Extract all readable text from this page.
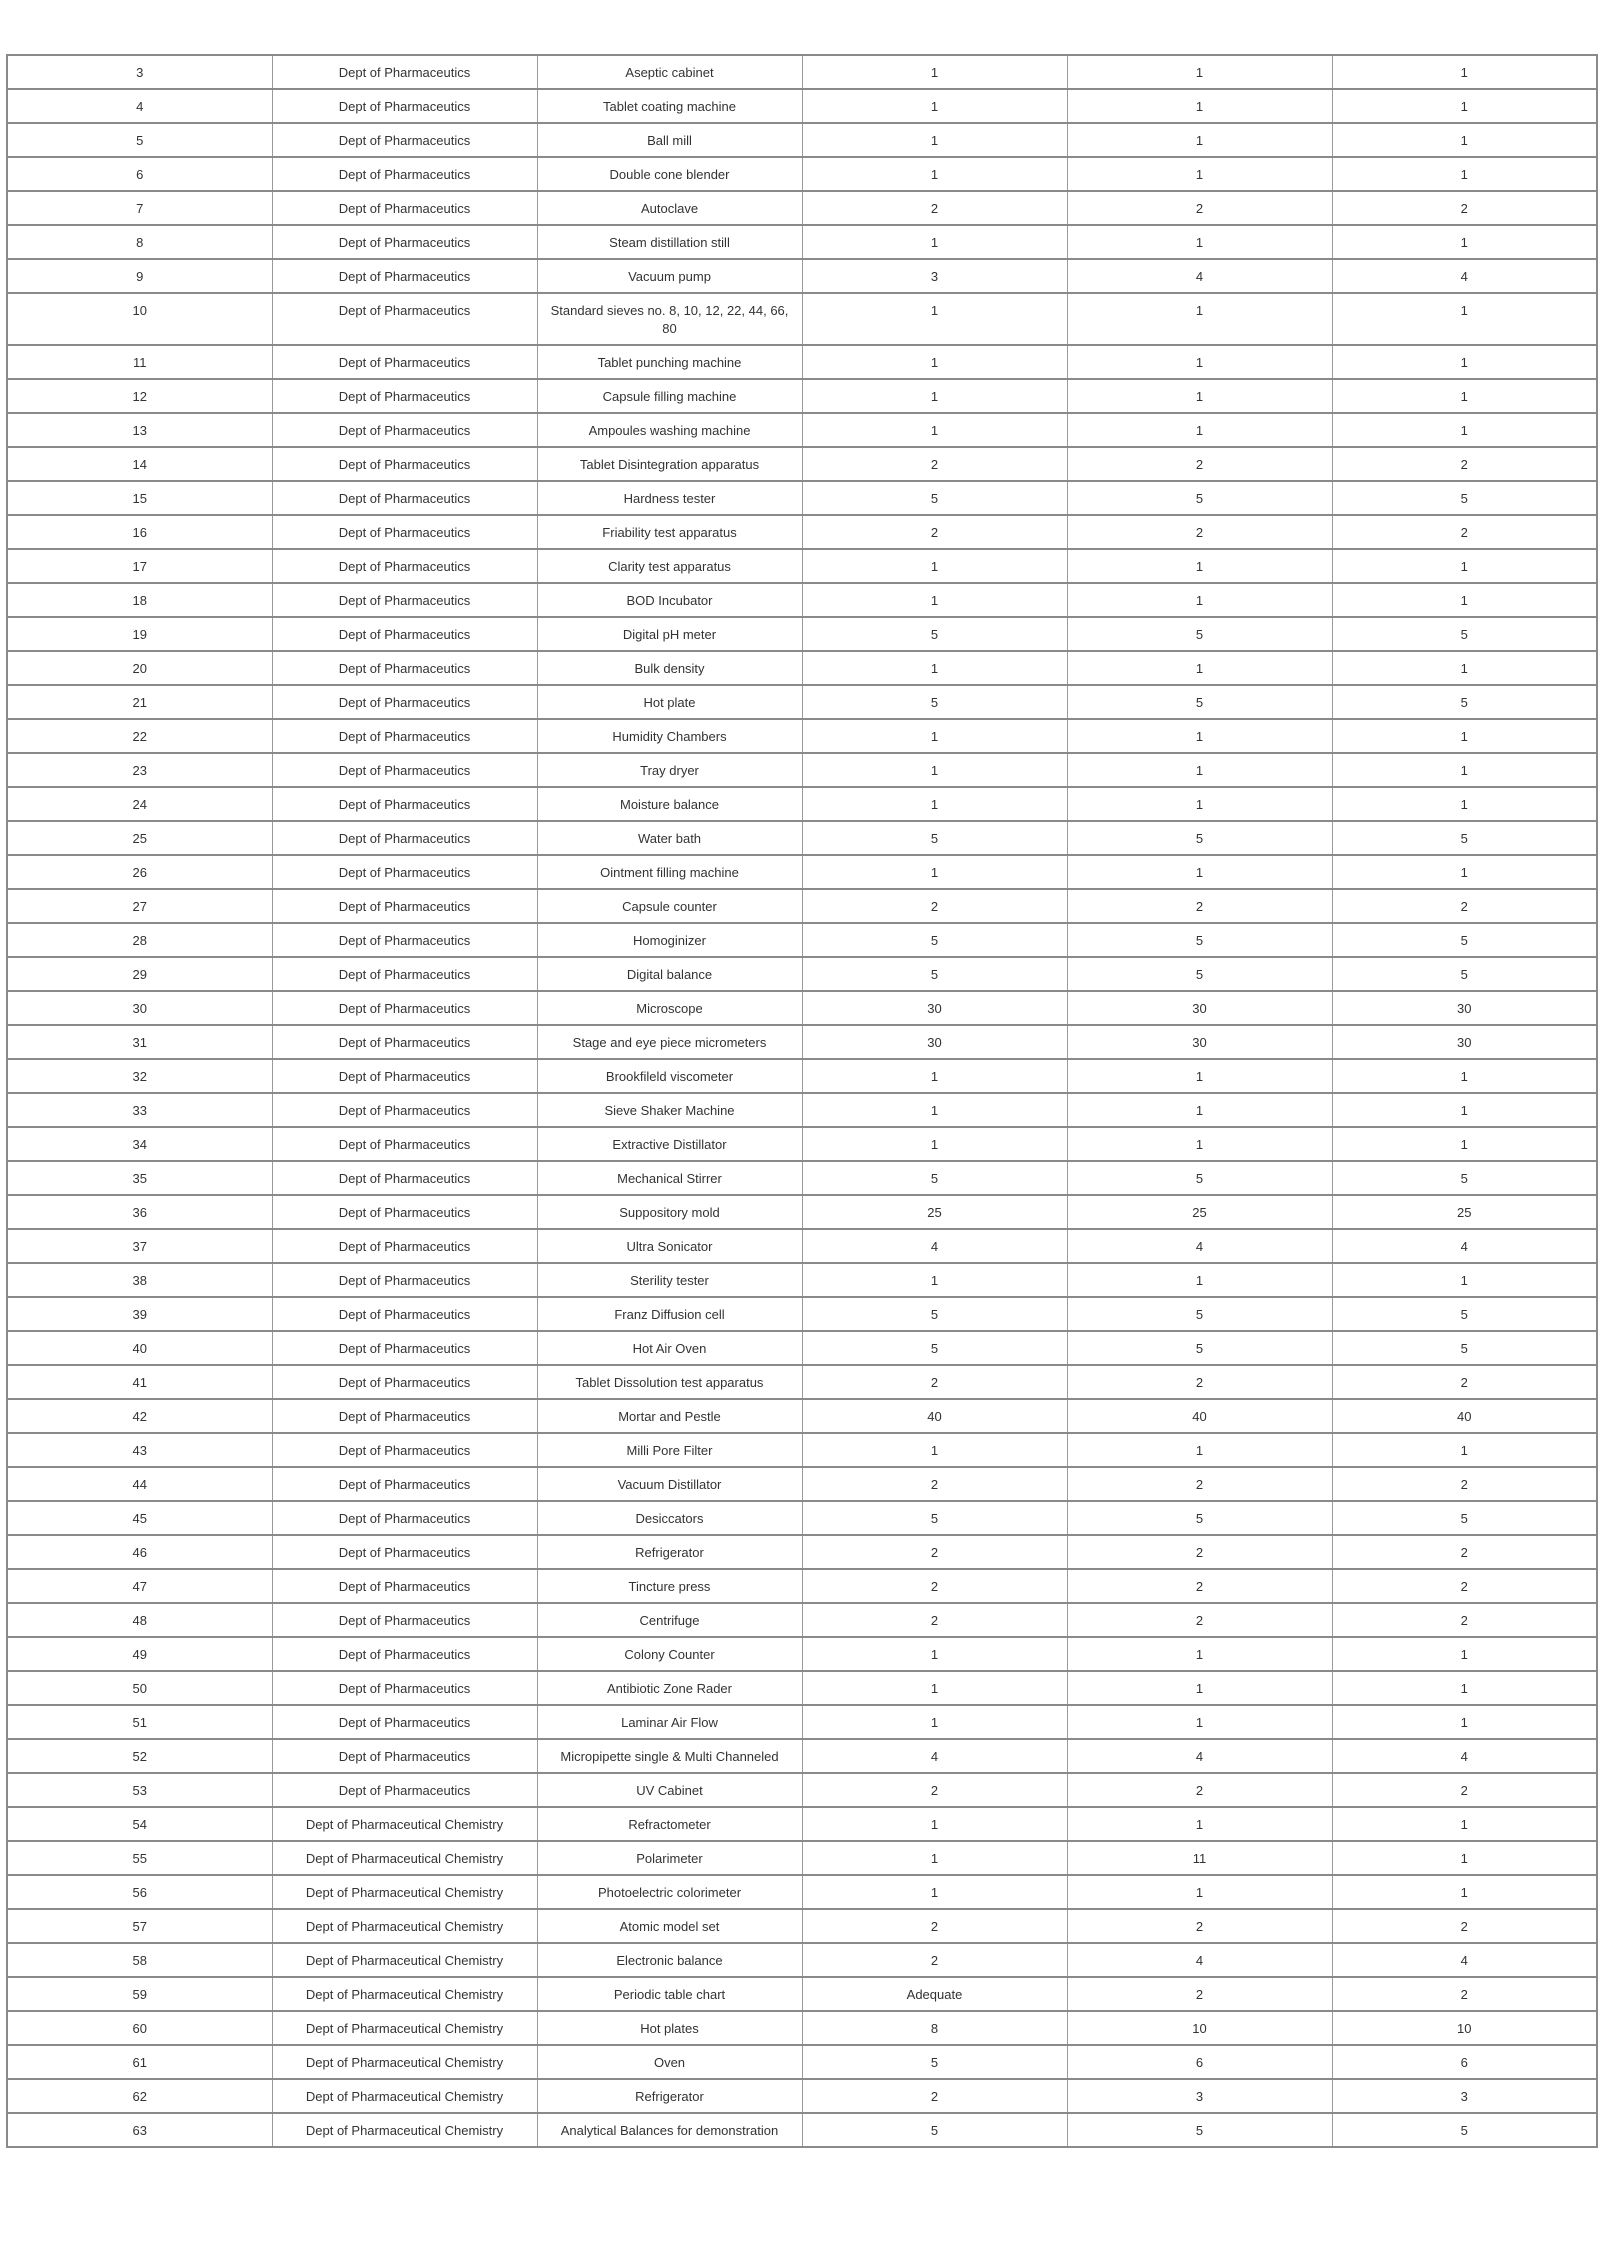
3	Dept of Pharmaceutics	Aseptic cabinet	1	1	1
4	Dept of Pharmaceutics	Tablet coating machine	1	1	1
5	Dept of Pharmaceutics	Ball mill	1	1	1
6	Dept of Pharmaceutics	Double cone blender	1	1	1
7	Dept of Pharmaceutics	Autoclave	2	2	2
8	Dept of Pharmaceutics	Steam distillation still	1	1	1
9	Dept of Pharmaceutics	Vacuum pump	3	4	4
10	Dept of Pharmaceutics	Standard sieves no. 8, 10, 12, 22, 44, 66, 80	1	1	1
11	Dept of Pharmaceutics	Tablet punching machine	1	1	1
12	Dept of Pharmaceutics	Capsule filling machine	1	1	1
13	Dept of Pharmaceutics	Ampoules washing machine	1	1	1
14	Dept of Pharmaceutics	Tablet Disintegration apparatus	2	2	2
15	Dept of Pharmaceutics	Hardness tester	5	5	5
16	Dept of Pharmaceutics	Friability test apparatus	2	2	2
17	Dept of Pharmaceutics	Clarity test apparatus	1	1	1
18	Dept of Pharmaceutics	BOD Incubator	1	1	1
19	Dept of Pharmaceutics	Digital pH meter	5	5	5
20	Dept of Pharmaceutics	Bulk density	1	1	1
21	Dept of Pharmaceutics	Hot plate	5	5	5
22	Dept of Pharmaceutics	Humidity Chambers	1	1	1
23	Dept of Pharmaceutics	Tray dryer	1	1	1
24	Dept of Pharmaceutics	Moisture balance	1	1	1
25	Dept of Pharmaceutics	Water bath	5	5	5
26	Dept of Pharmaceutics	Ointment filling machine	1	1	1
27	Dept of Pharmaceutics	Capsule counter	2	2	2
28	Dept of Pharmaceutics	Homoginizer	5	5	5
29	Dept of Pharmaceutics	Digital balance	5	5	5
30	Dept of Pharmaceutics	Microscope	30	30	30
31	Dept of Pharmaceutics	Stage and eye piece micrometers	30	30	30
32	Dept of Pharmaceutics	Brookfileld viscometer	1	1	1
33	Dept of Pharmaceutics	Sieve Shaker Machine	1	1	1
34	Dept of Pharmaceutics	Extractive Distillator	1	1	1
35	Dept of Pharmaceutics	Mechanical Stirrer	5	5	5
36	Dept of Pharmaceutics	Suppository mold	25	25	25
37	Dept of Pharmaceutics	Ultra Sonicator	4	4	4
38	Dept of Pharmaceutics	Sterility tester	1	1	1
39	Dept of Pharmaceutics	Franz Diffusion cell	5	5	5
40	Dept of Pharmaceutics	Hot Air Oven	5	5	5
41	Dept of Pharmaceutics	Tablet Dissolution test apparatus	2	2	2
42	Dept of Pharmaceutics	Mortar and Pestle	40	40	40
43	Dept of Pharmaceutics	Milli Pore Filter	1	1	1
44	Dept of Pharmaceutics	Vacuum Distillator	2	2	2
45	Dept of Pharmaceutics	Desiccators	5	5	5
46	Dept of Pharmaceutics	Refrigerator	2	2	2
47	Dept of Pharmaceutics	Tincture press	2	2	2
48	Dept of Pharmaceutics	Centrifuge	2	2	2
49	Dept of Pharmaceutics	Colony Counter	1	1	1
50	Dept of Pharmaceutics	Antibiotic Zone Rader	1	1	1
51	Dept of Pharmaceutics	Laminar Air Flow	1	1	1
52	Dept of Pharmaceutics	Micropipette single & Multi Channeled	4	4	4
53	Dept of Pharmaceutics	UV Cabinet	2	2	2
54	Dept of Pharmaceutical Chemistry	Refractometer	1	1	1
55	Dept of Pharmaceutical Chemistry	Polarimeter	1	11	1
56	Dept of Pharmaceutical Chemistry	Photoelectric colorimeter	1	1	1
57	Dept of Pharmaceutical Chemistry	Atomic model set	2	2	2
58	Dept of Pharmaceutical Chemistry	Electronic balance	2	4	4
59	Dept of Pharmaceutical Chemistry	Periodic table chart	Adequate	2	2
60	Dept of Pharmaceutical Chemistry	Hot plates	8	10	10
61	Dept of Pharmaceutical Chemistry	Oven	5	6	6
62	Dept of Pharmaceutical Chemistry	Refrigerator	2	3	3
63	Dept of Pharmaceutical Chemistry	Analytical Balances for demonstration	5	5	5
